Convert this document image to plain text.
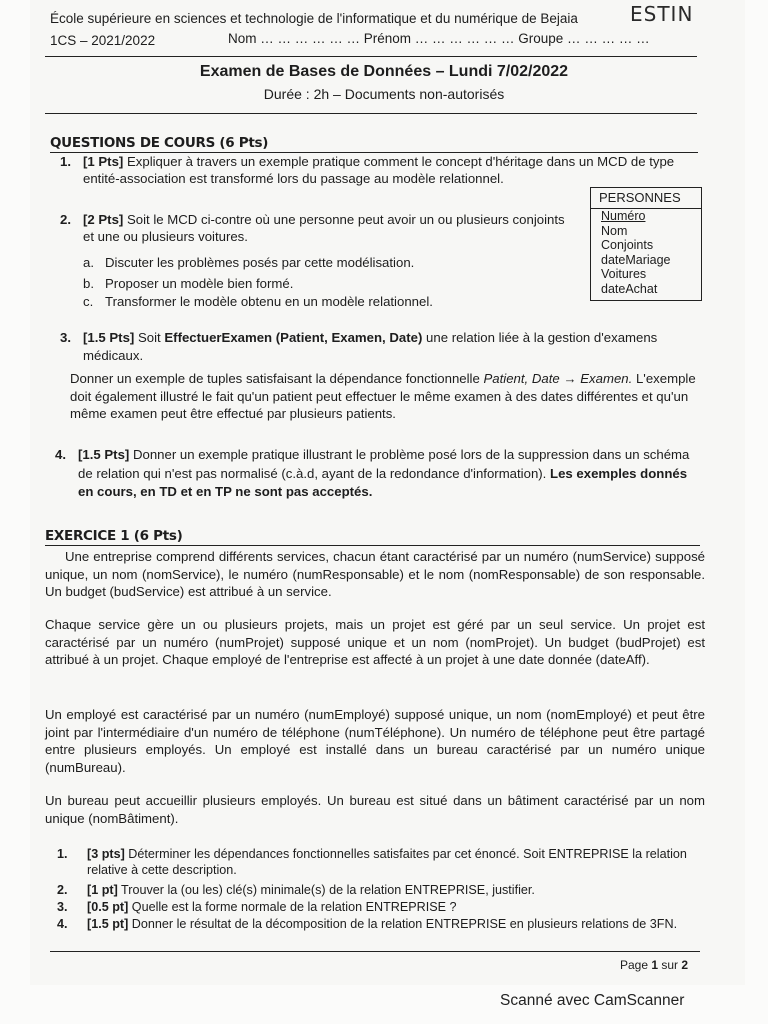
École supérieure en sciences et technologie de l'informatique et du numérique de Bejaia	ESTIN
1CS – 2021/2022	Nom … … … … … … Prénom … … … … … … Groupe … … … … …
Examen de Bases de Données – Lundi 7/02/2022
Durée : 2h – Documents non-autorisés
QUESTIONS DE COURS (6 Pts)
1. [1 Pts] Expliquer à travers un exemple pratique comment le concept d'héritage dans un MCD de type entité-association est transformé lors du passage au modèle relationnel.
2. [2 Pts] Soit le MCD ci-contre où une personne peut avoir un ou plusieurs conjoints et une ou plusieurs voitures.
a. Discuter les problèmes posés par cette modélisation.
b. Proposer un modèle bien formé.
c. Transformer le modèle obtenu en un modèle relationnel.
PERSONNES
Numéro
Nom
Conjoints
dateMariage
Voitures
dateAchat
3. [1.5 Pts] Soit EffectuerExamen (Patient, Examen, Date) une relation liée à la gestion d'examens médicaux.
Donner un exemple de tuples satisfaisant la dépendance fonctionnelle Patient, Date → Examen. L'exemple doit également illustré le fait qu'un patient peut effectuer le même examen à des dates différentes et qu'un même examen peut être effectué par plusieurs patients.
4. [1.5 Pts] Donner un exemple pratique illustrant le problème posé lors de la suppression dans un schéma de relation qui n'est pas normalisé (c.à.d, ayant de la redondance d'information). Les exemples donnés en cours, en TD et en TP ne sont pas acceptés.
EXERCICE 1 (6 Pts)
Une entreprise comprend différents services, chacun étant caractérisé par un numéro (numService) supposé unique, un nom (nomService), le numéro (numResponsable) et le nom (nomResponsable) de son responsable. Un budget (budService) est attribué à un service.
Chaque service gère un ou plusieurs projets, mais un projet est géré par un seul service. Un projet est caractérisé par un numéro (numProjet) supposé unique et un nom (nomProjet). Un budget (budProjet) est attribué à un projet. Chaque employé de l'entreprise est affecté à un projet à une date donnée (dateAff).
Un employé est caractérisé par un numéro (numEmployé) supposé unique, un nom (nomEmployé) et peut être joint par l'intermédiaire d'un numéro de téléphone (numTéléphone). Un numéro de téléphone peut être partagé entre plusieurs employés. Un employé est installé dans un bureau caractérisé par un numéro unique (numBureau).
Un bureau peut accueillir plusieurs employés. Un bureau est situé dans un bâtiment caractérisé par un nom unique (nomBâtiment).
1. [3 pts] Déterminer les dépendances fonctionnelles satisfaites par cet énoncé. Soit ENTREPRISE la relation relative à cette description.
2. [1 pt] Trouver la (ou les) clé(s) minimale(s) de la relation ENTREPRISE, justifier.
3. [0.5 pt] Quelle est la forme normale de la relation ENTREPRISE ?
4. [1.5 pt] Donner le résultat de la décomposition de la relation ENTREPRISE en plusieurs relations de 3FN.
Page 1 sur 2
Scanné avec CamScanner
